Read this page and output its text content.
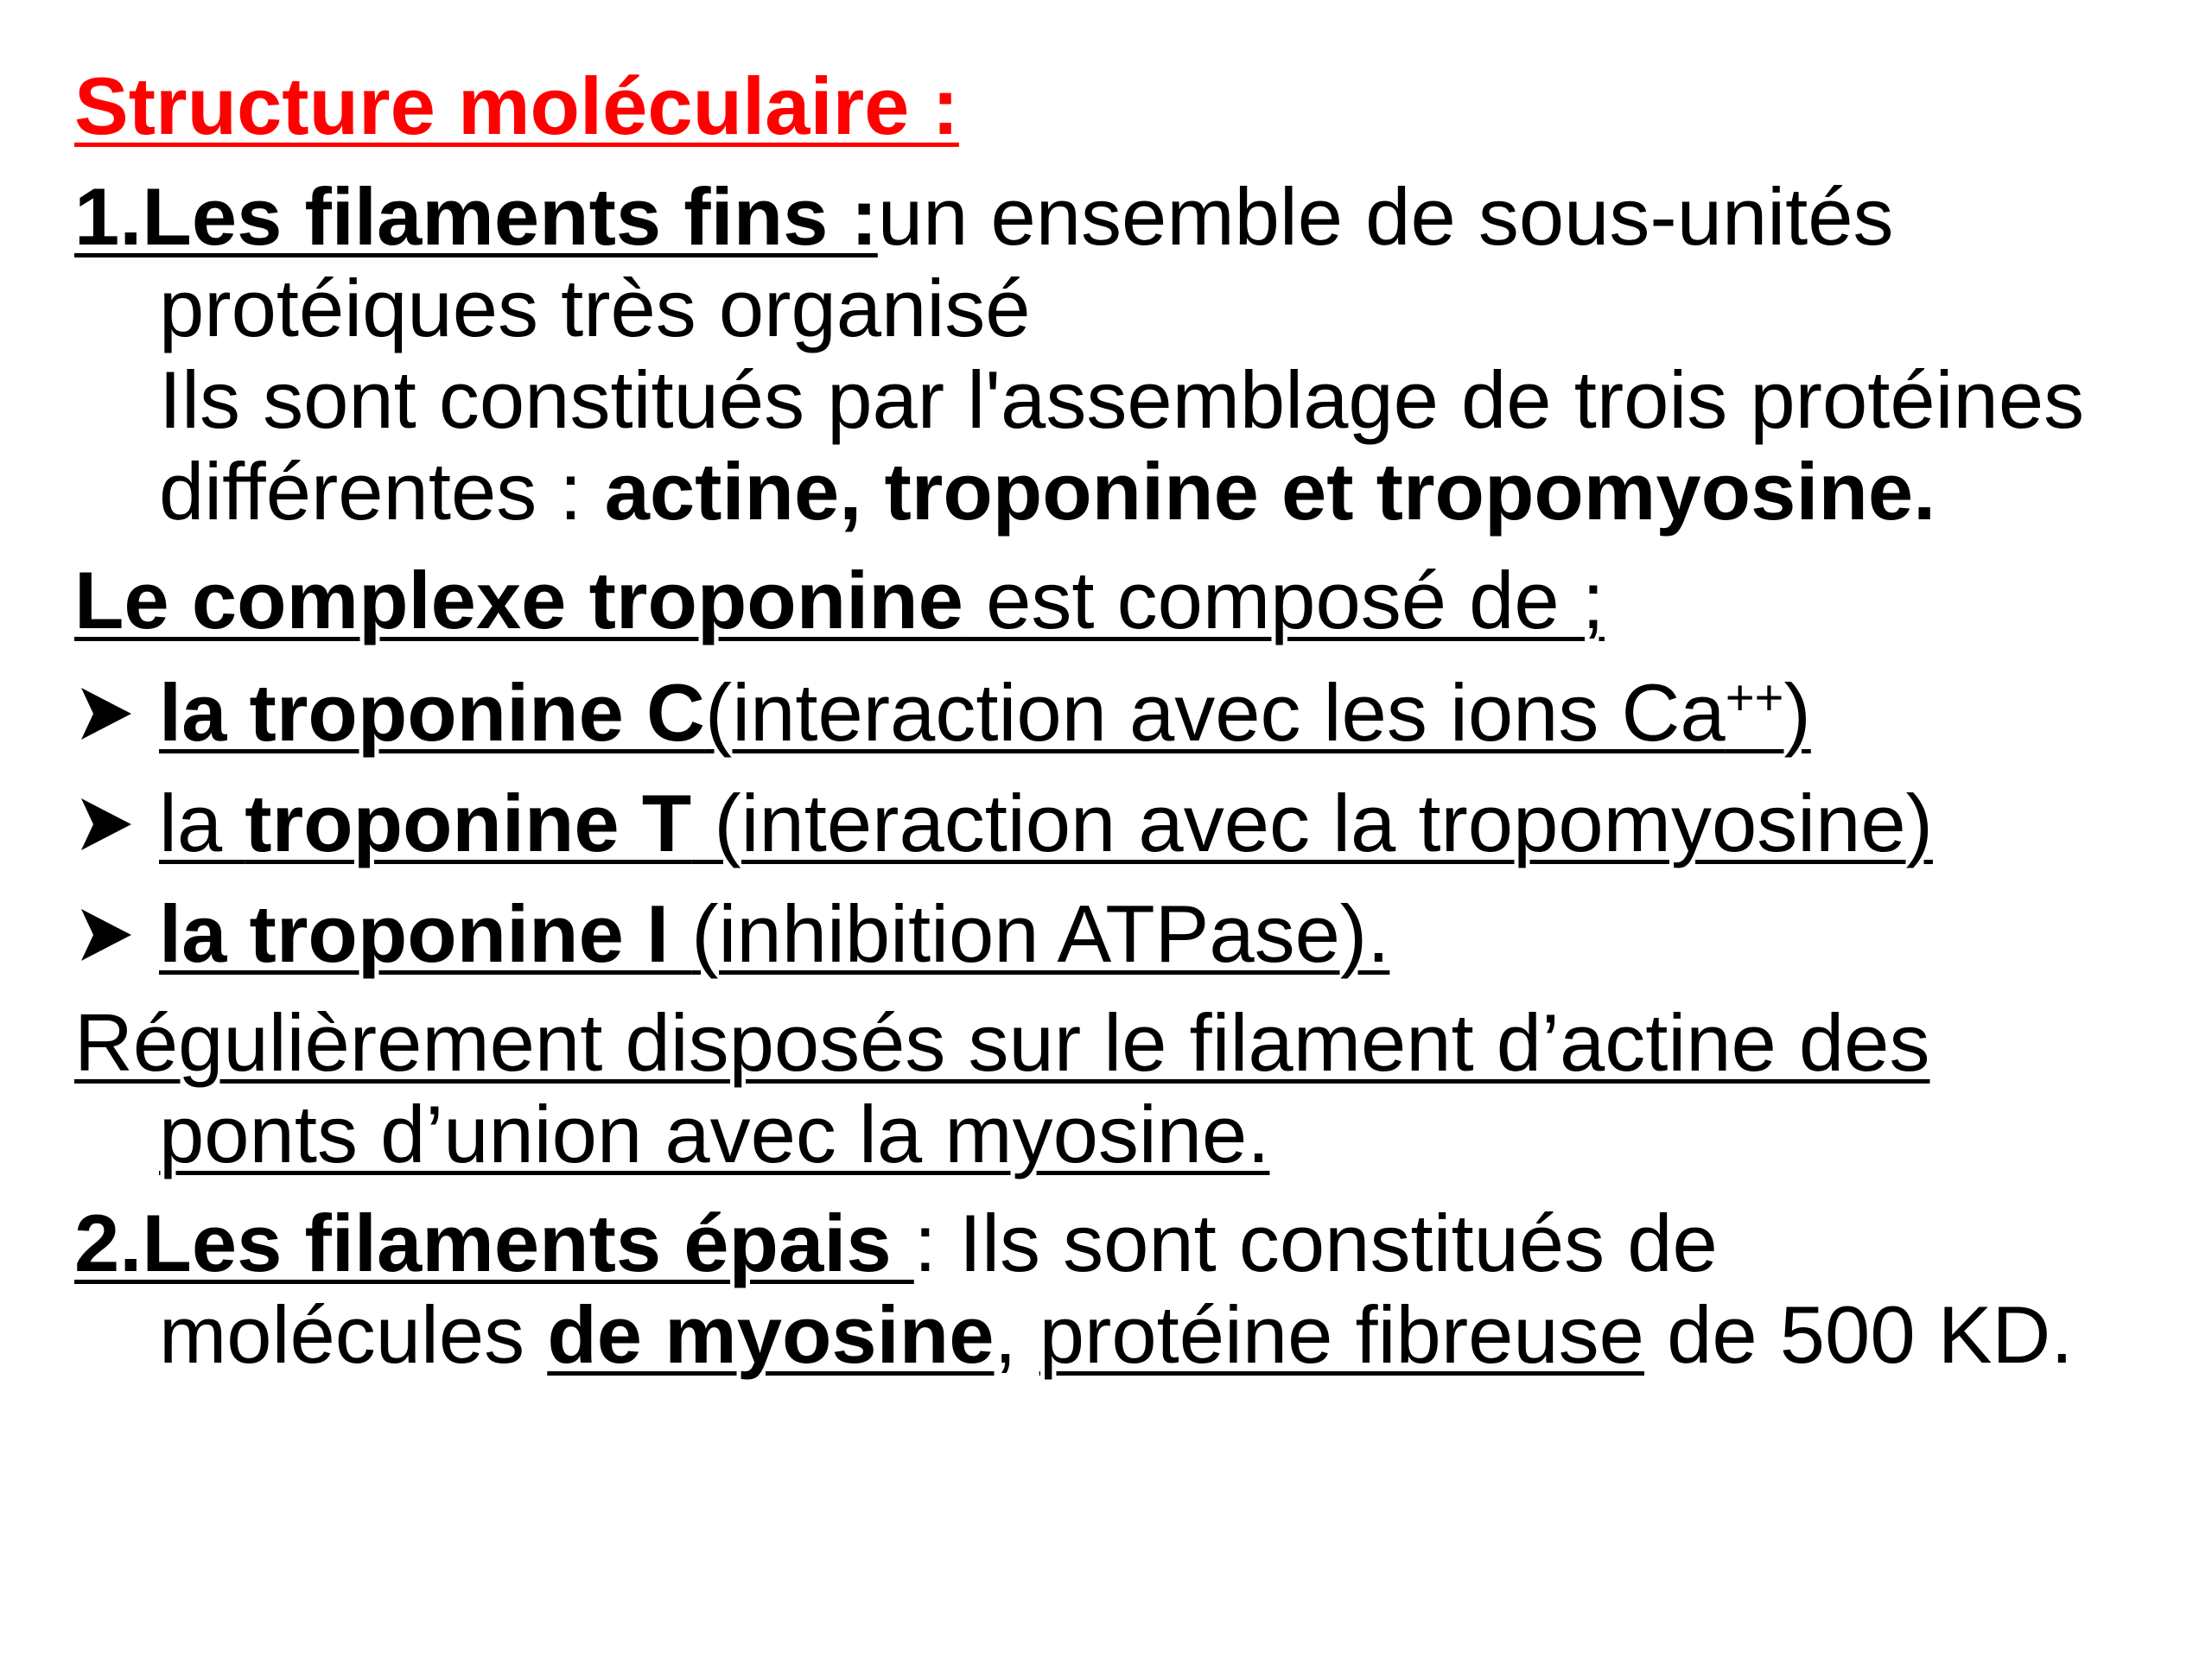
Structure moléculaire :
1.Les filaments fins :un ensemble de sous-unités
protéiques très organisé
Ils sont constitués par l'assemblage de trois protéines
différentes : actine, troponine et tropomyosine.
Le complexe troponine est composé de ;
la troponine C(interaction avec les ions Ca++)
la troponine T (interaction avec la tropomyosine)
la troponine I (inhibition ATPase).
Régulièrement disposés sur le filament d’actine des
ponts d’union avec la myosine.
2.Les filaments épais : Ils sont constitués de
molécules de myosine, protéine fibreuse de 500 KD.
